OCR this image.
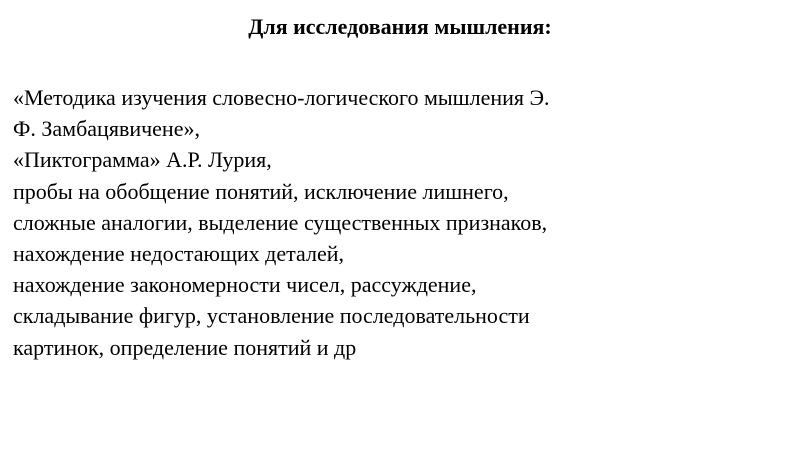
Для исследования мышления:
«Методика изучения словесно-логического мышления Э.
Ф. Замбацявичене»,
«Пиктограмма» А.Р. Лурия,
пробы на обобщение понятий, исключение лишнего,
сложные аналогии, выделение существенных признаков,
нахождение недостающих деталей,
нахождение закономерности чисел, рассуждение,
складывание фигур, установление последовательности
картинок, определение понятий и др
